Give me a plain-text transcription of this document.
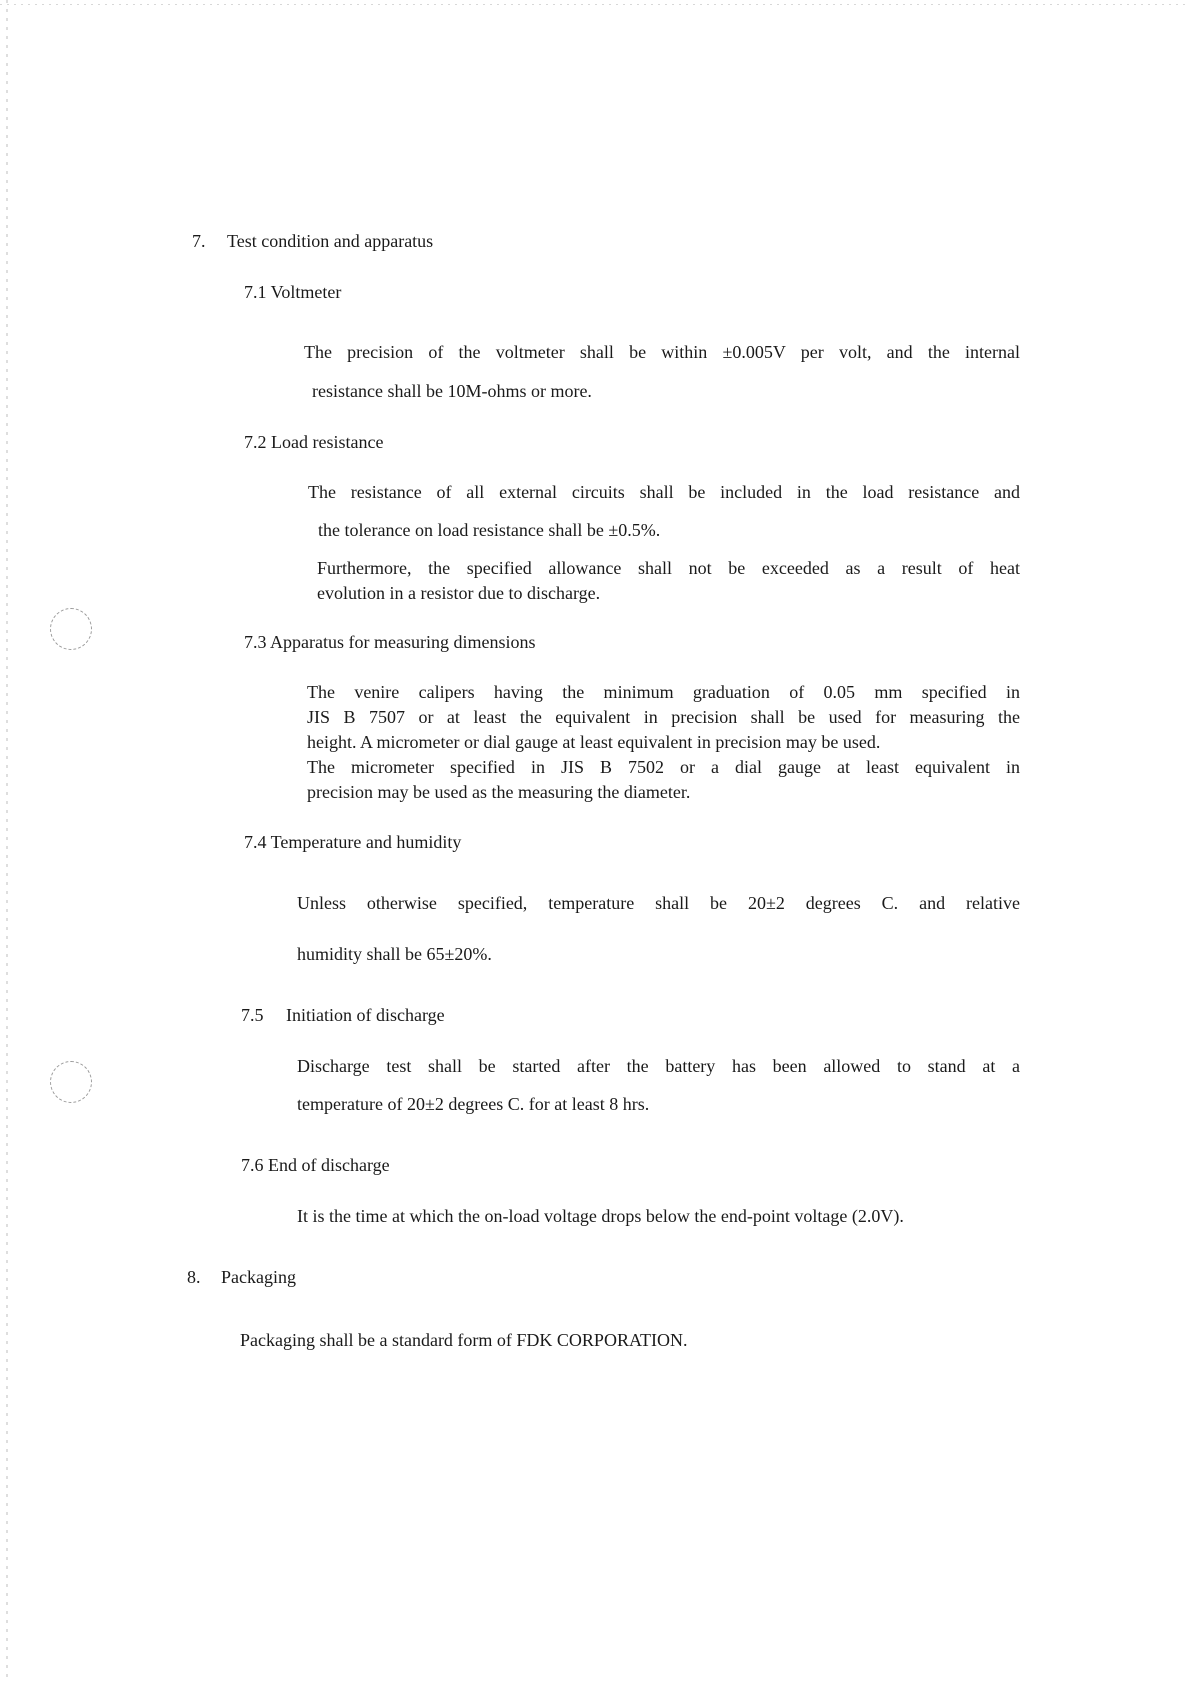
7. Test condition and apparatus
7.1 Voltmeter
The precision of the voltmeter shall be within ±0.005V per volt, and the internal
resistance shall be 10M-ohms or more.
7.2 Load resistance
The resistance of all external circuits shall be included in the load resistance and
the tolerance on load resistance shall be ±0.5%.
Furthermore, the specified allowance shall not be exceeded as a result of heat
evolution in a resistor due to discharge.
7.3 Apparatus for measuring dimensions
The venire calipers having the minimum graduation of 0.05 mm specified in
JIS B 7507 or at least the equivalent in precision shall be used for measuring the
height. A micrometer or dial gauge at least equivalent in precision may be used.
The micrometer specified in JIS B 7502 or a dial gauge at least equivalent in
precision may be used as the measuring the diameter.
7.4 Temperature and humidity
Unless otherwise specified, temperature shall be 20±2 degrees C. and relative
humidity shall be 65±20%.
7.5 Initiation of discharge
Discharge test shall be started after the battery has been allowed to stand at a
temperature of 20±2 degrees C. for at least 8 hrs.
7.6 End of discharge
It is the time at which the on-load voltage drops below the end-point voltage (2.0V).
8. Packaging
Packaging shall be a standard form of FDK CORPORATION.
